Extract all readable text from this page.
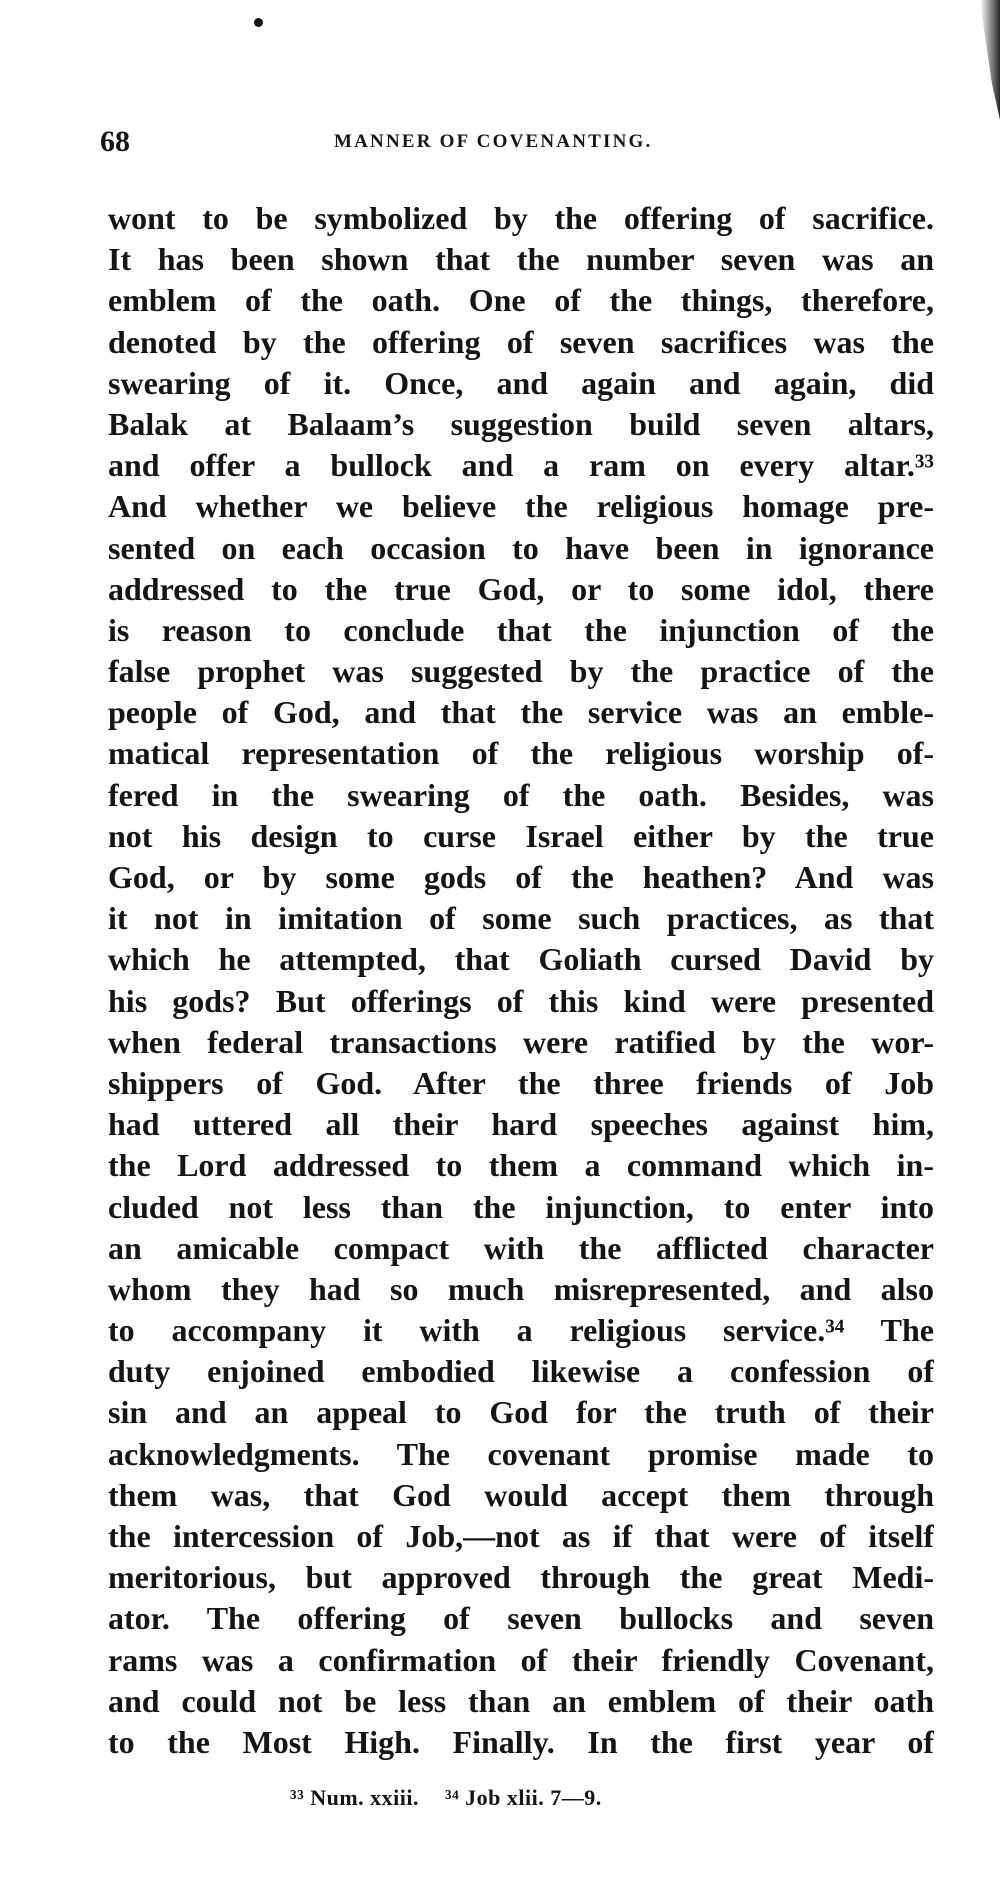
68	MANNER OF COVENANTING.
wont to be symbolized by the offering of sacrifice.
It has been shown that the number seven was an
emblem of the oath. One of the things, therefore,
denoted by the offering of seven sacrifices was the
swearing of it. Once, and again and again, did
Balak at Balaam’s suggestion build seven altars,
and offer a bullock and a ram on every altar.³³
And whether we believe the religious homage pre-
sented on each occasion to have been in ignorance
addressed to the true God, or to some idol, there
is reason to conclude that the injunction of the
false prophet was suggested by the practice of the
people of God, and that the service was an emble-
matical representation of the religious worship of-
fered in the swearing of the oath. Besides, was
not his design to curse Israel either by the true
God, or by some gods of the heathen? And was
it not in imitation of some such practices, as that
which he attempted, that Goliath cursed David by
his gods? But offerings of this kind were presented
when federal transactions were ratified by the wor-
shippers of God. After the three friends of Job
had uttered all their hard speeches against him,
the Lord addressed to them a command which in-
cluded not less than the injunction, to enter into
an amicable compact with the afflicted character
whom they had so much misrepresented, and also
to accompany it with a religious service.³⁴ The
duty enjoined embodied likewise a confession of
sin and an appeal to God for the truth of their
acknowledgments. The covenant promise made to
them was, that God would accept them through
the intercession of Job,—not as if that were of itself
meritorious, but approved through the great Medi-
ator. The offering of seven bullocks and seven
rams was a confirmation of their friendly Covenant,
and could not be less than an emblem of their oath
to the Most High. Finally. In the first year of
³³ Num. xxiii. ³⁴ Job xlii. 7—9.
